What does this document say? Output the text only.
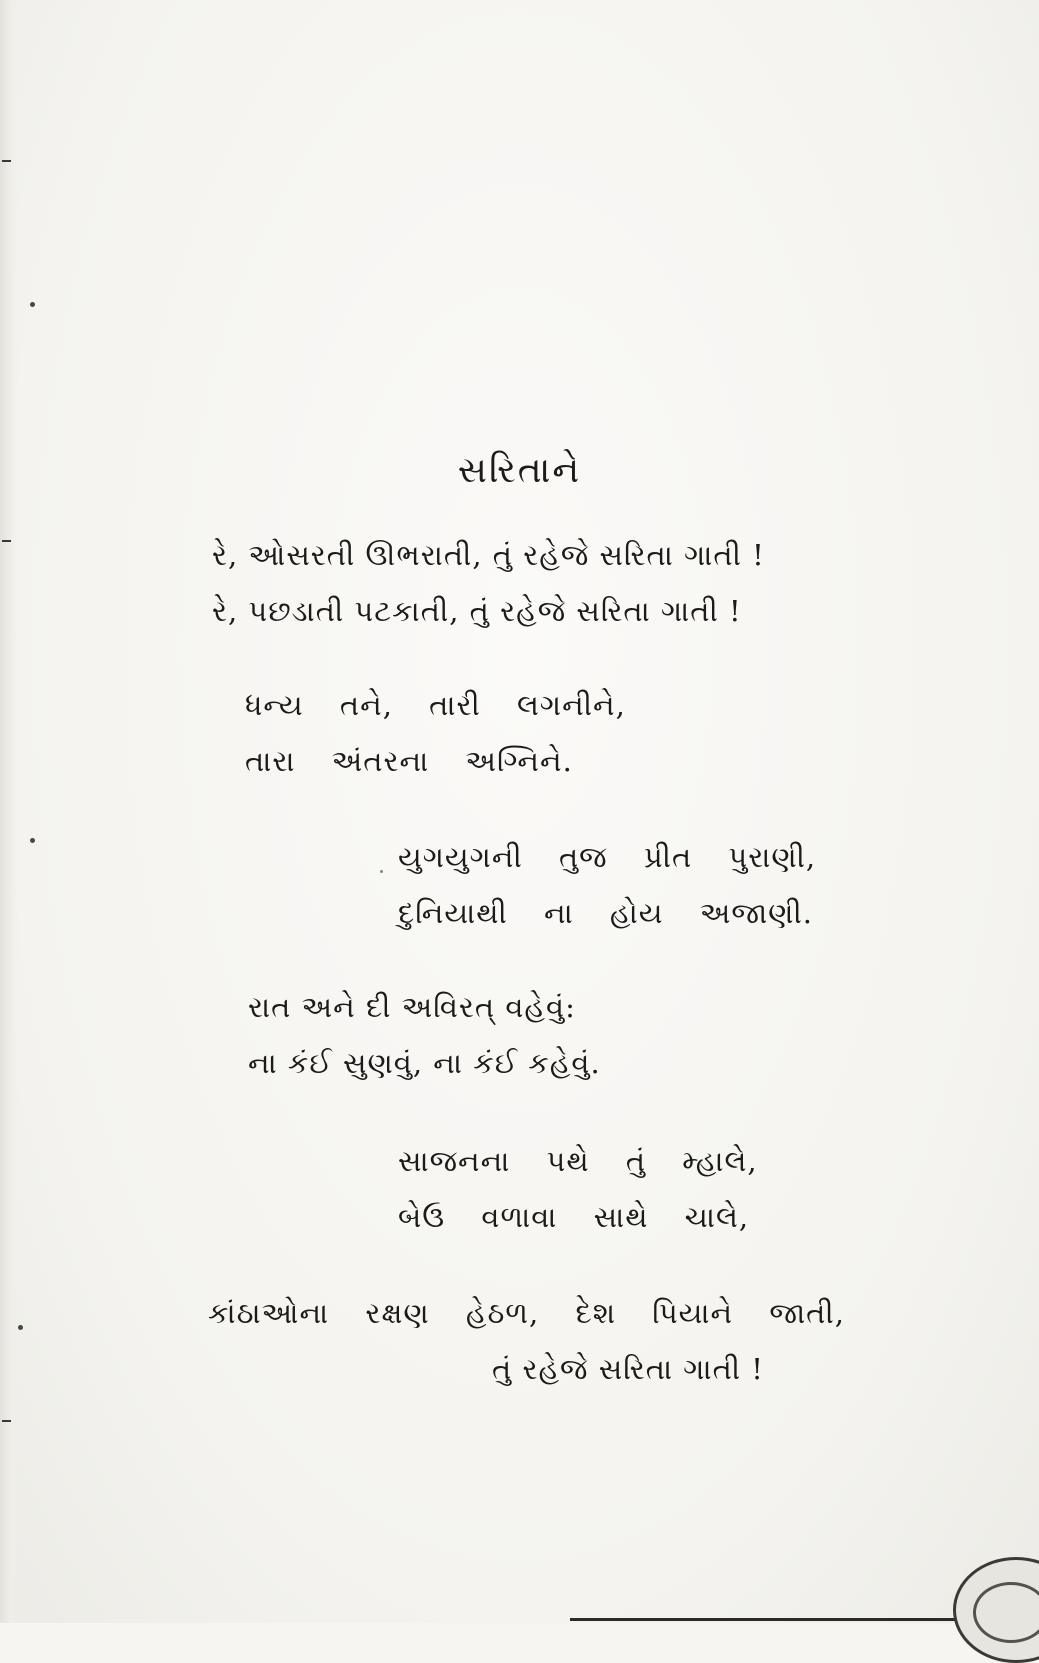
સરિતાને
રે, ઓસરતી ઊભરાતી, તું રહેજે સરિતા ગાતી !
રે, પછડાતી પટકાતી, તું રહેજે સરિતા ગાતી !
ધન્ય તને, તારી લગનીને,
તારા અંતરના અગ્નિને.
યુગયુગની તુજ પ્રીત પુરાણી,
દુનિયાથી ના હોય અજાણી.
રાત અને દી અવિરત્ વહેવું:
ના કંઈ સુણવું, ના કંઈ કહેવું.
સાજનના પથે તું મ્હાલે,
બેઉ વળાવા સાથે ચાલે,
કાંઠાઓના રક્ષણ હેઠળ, દેશ પિયાને જાતી,
તું રહેજે સરિતા ગાતી !
